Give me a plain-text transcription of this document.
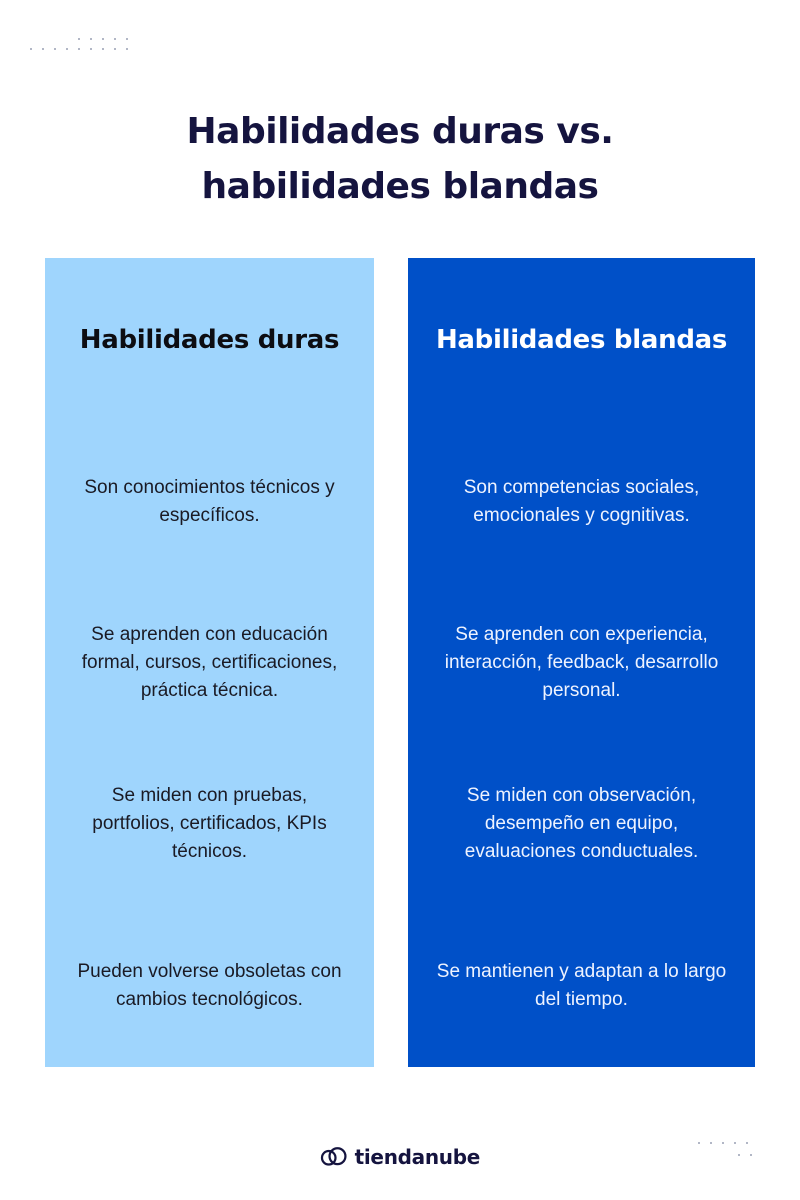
Habilidades duras vs.
habilidades blandas
Habilidades duras

Son conocimientos técnicos y
específicos.

Se aprenden con educación
formal, cursos, certificaciones,
práctica técnica.

Se miden con pruebas,
portfolios, certificados, KPIs
técnicos.

Pueden volverse obsoletas con
cambios tecnológicos.

Habilidades blandas

Son competencias sociales,
emocionales y cognitivas.

Se aprenden con experiencia,
interacción, feedback, desarrollo
personal.

Se miden con observación,
desempeño en equipo,
evaluaciones conductuales.

Se mantienen y adaptan a lo largo
del tiempo.

tiendanube
